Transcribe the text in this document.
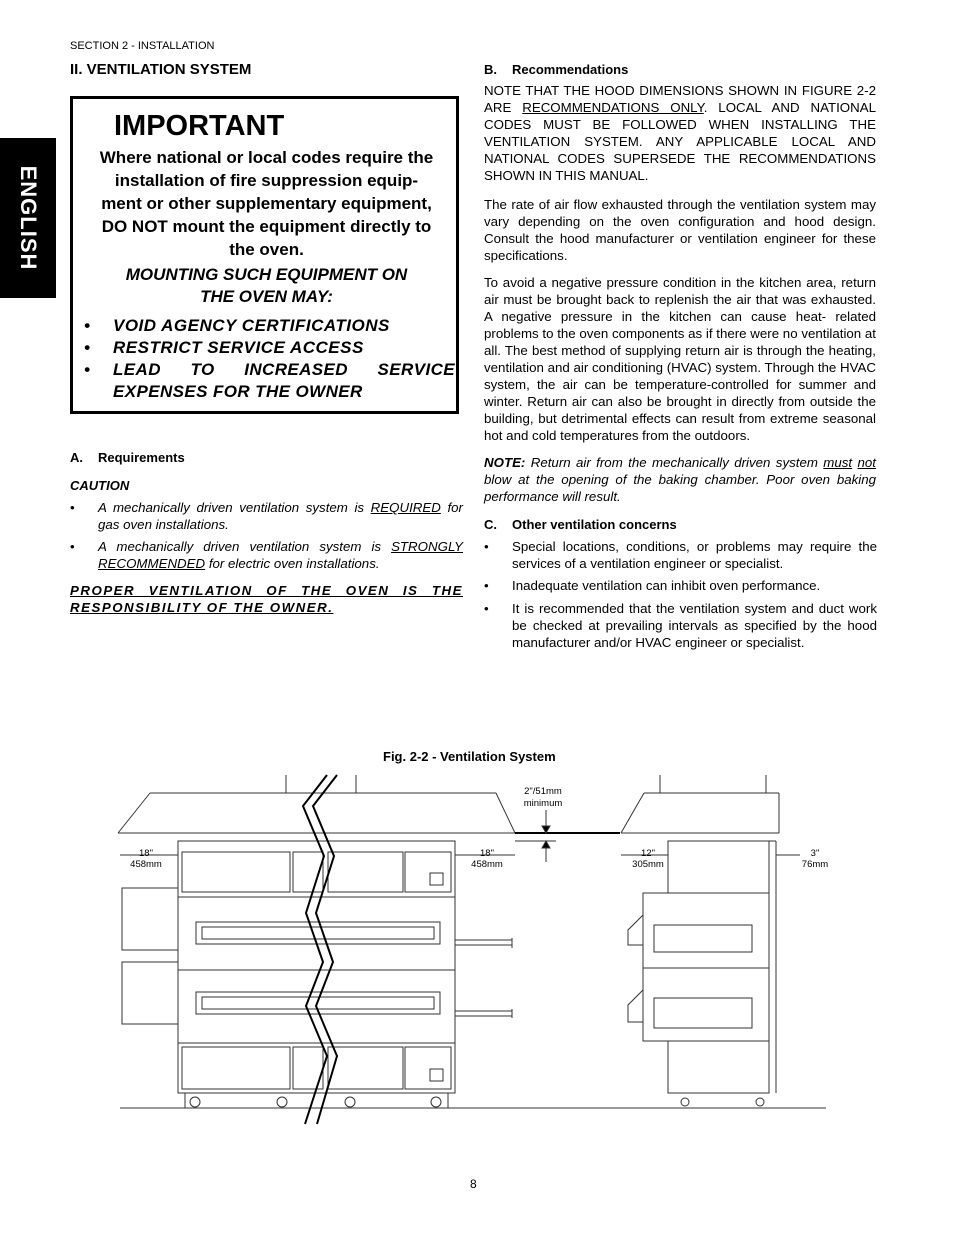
SECTION 2 - INSTALLATION
ENGLISH
II. VENTILATION SYSTEM
IMPORTANT
Where national or local codes require the
installation of fire suppression equip-
ment or other supplementary equipment,
DO NOT mount the equipment directly to
the oven.
MOUNTING SUCH EQUIPMENT ON
THE OVEN MAY:
• VOID AGENCY CERTIFICATIONS
• RESTRICT SERVICE ACCESS
• LEAD TO INCREASED SERVICE EXPENSES FOR THE OWNER
A. Requirements
CAUTION
• A mechanically driven ventilation system is REQUIRED for gas oven installations.
• A mechanically driven ventilation system is STRONGLY RECOMMENDED for electric oven installations.
PROPER VENTILATION OF THE OVEN IS THE RESPONSIBILITY OF THE OWNER.
B. Recommendations
NOTE THAT THE HOOD DIMENSIONS SHOWN IN FIGURE 2-2 ARE RECOMMENDATIONS ONLY. LOCAL AND NATIONAL CODES MUST BE FOLLOWED WHEN INSTALLING THE VENTILATION SYSTEM. ANY APPLICABLE LOCAL AND NATIONAL CODES SUPERSEDE THE RECOMMENDATIONS SHOWN IN THIS MANUAL.
The rate of air flow exhausted through the ventilation system may vary depending on the oven configuration and hood design. Consult the hood manufacturer or ventilation engineer for these specifications.
To avoid a negative pressure condition in the kitchen area, return air must be brought back to replenish the air that was exhausted. A negative pressure in the kitchen can cause heat- related problems to the oven components as if there were no ventilation at all. The best method of supplying return air is through the heating, ventilation and air conditioning (HVAC) system. Through the HVAC system, the air can be temperature-controlled for summer and winter. Return air can also be brought in directly from outside the building, but detrimental effects can result from extreme seasonal hot and cold temperatures from the outdoors.
NOTE: Return air from the mechanically driven system must not blow at the opening of the baking chamber. Poor oven baking performance will result.
C. Other ventilation concerns
• Special locations, conditions, or problems may require the services of a ventilation engineer or specialist.
• Inadequate ventilation can inhibit oven performance.
• It is recommended that the ventilation system and duct work be checked at prevailing intervals as specified by the hood manufacturer and/or HVAC engineer or specialist.
Fig. 2-2 - Ventilation System
18"
458mm
18"
458mm
2"/51mm
minimum
12"
305mm
3"
76mm
8
